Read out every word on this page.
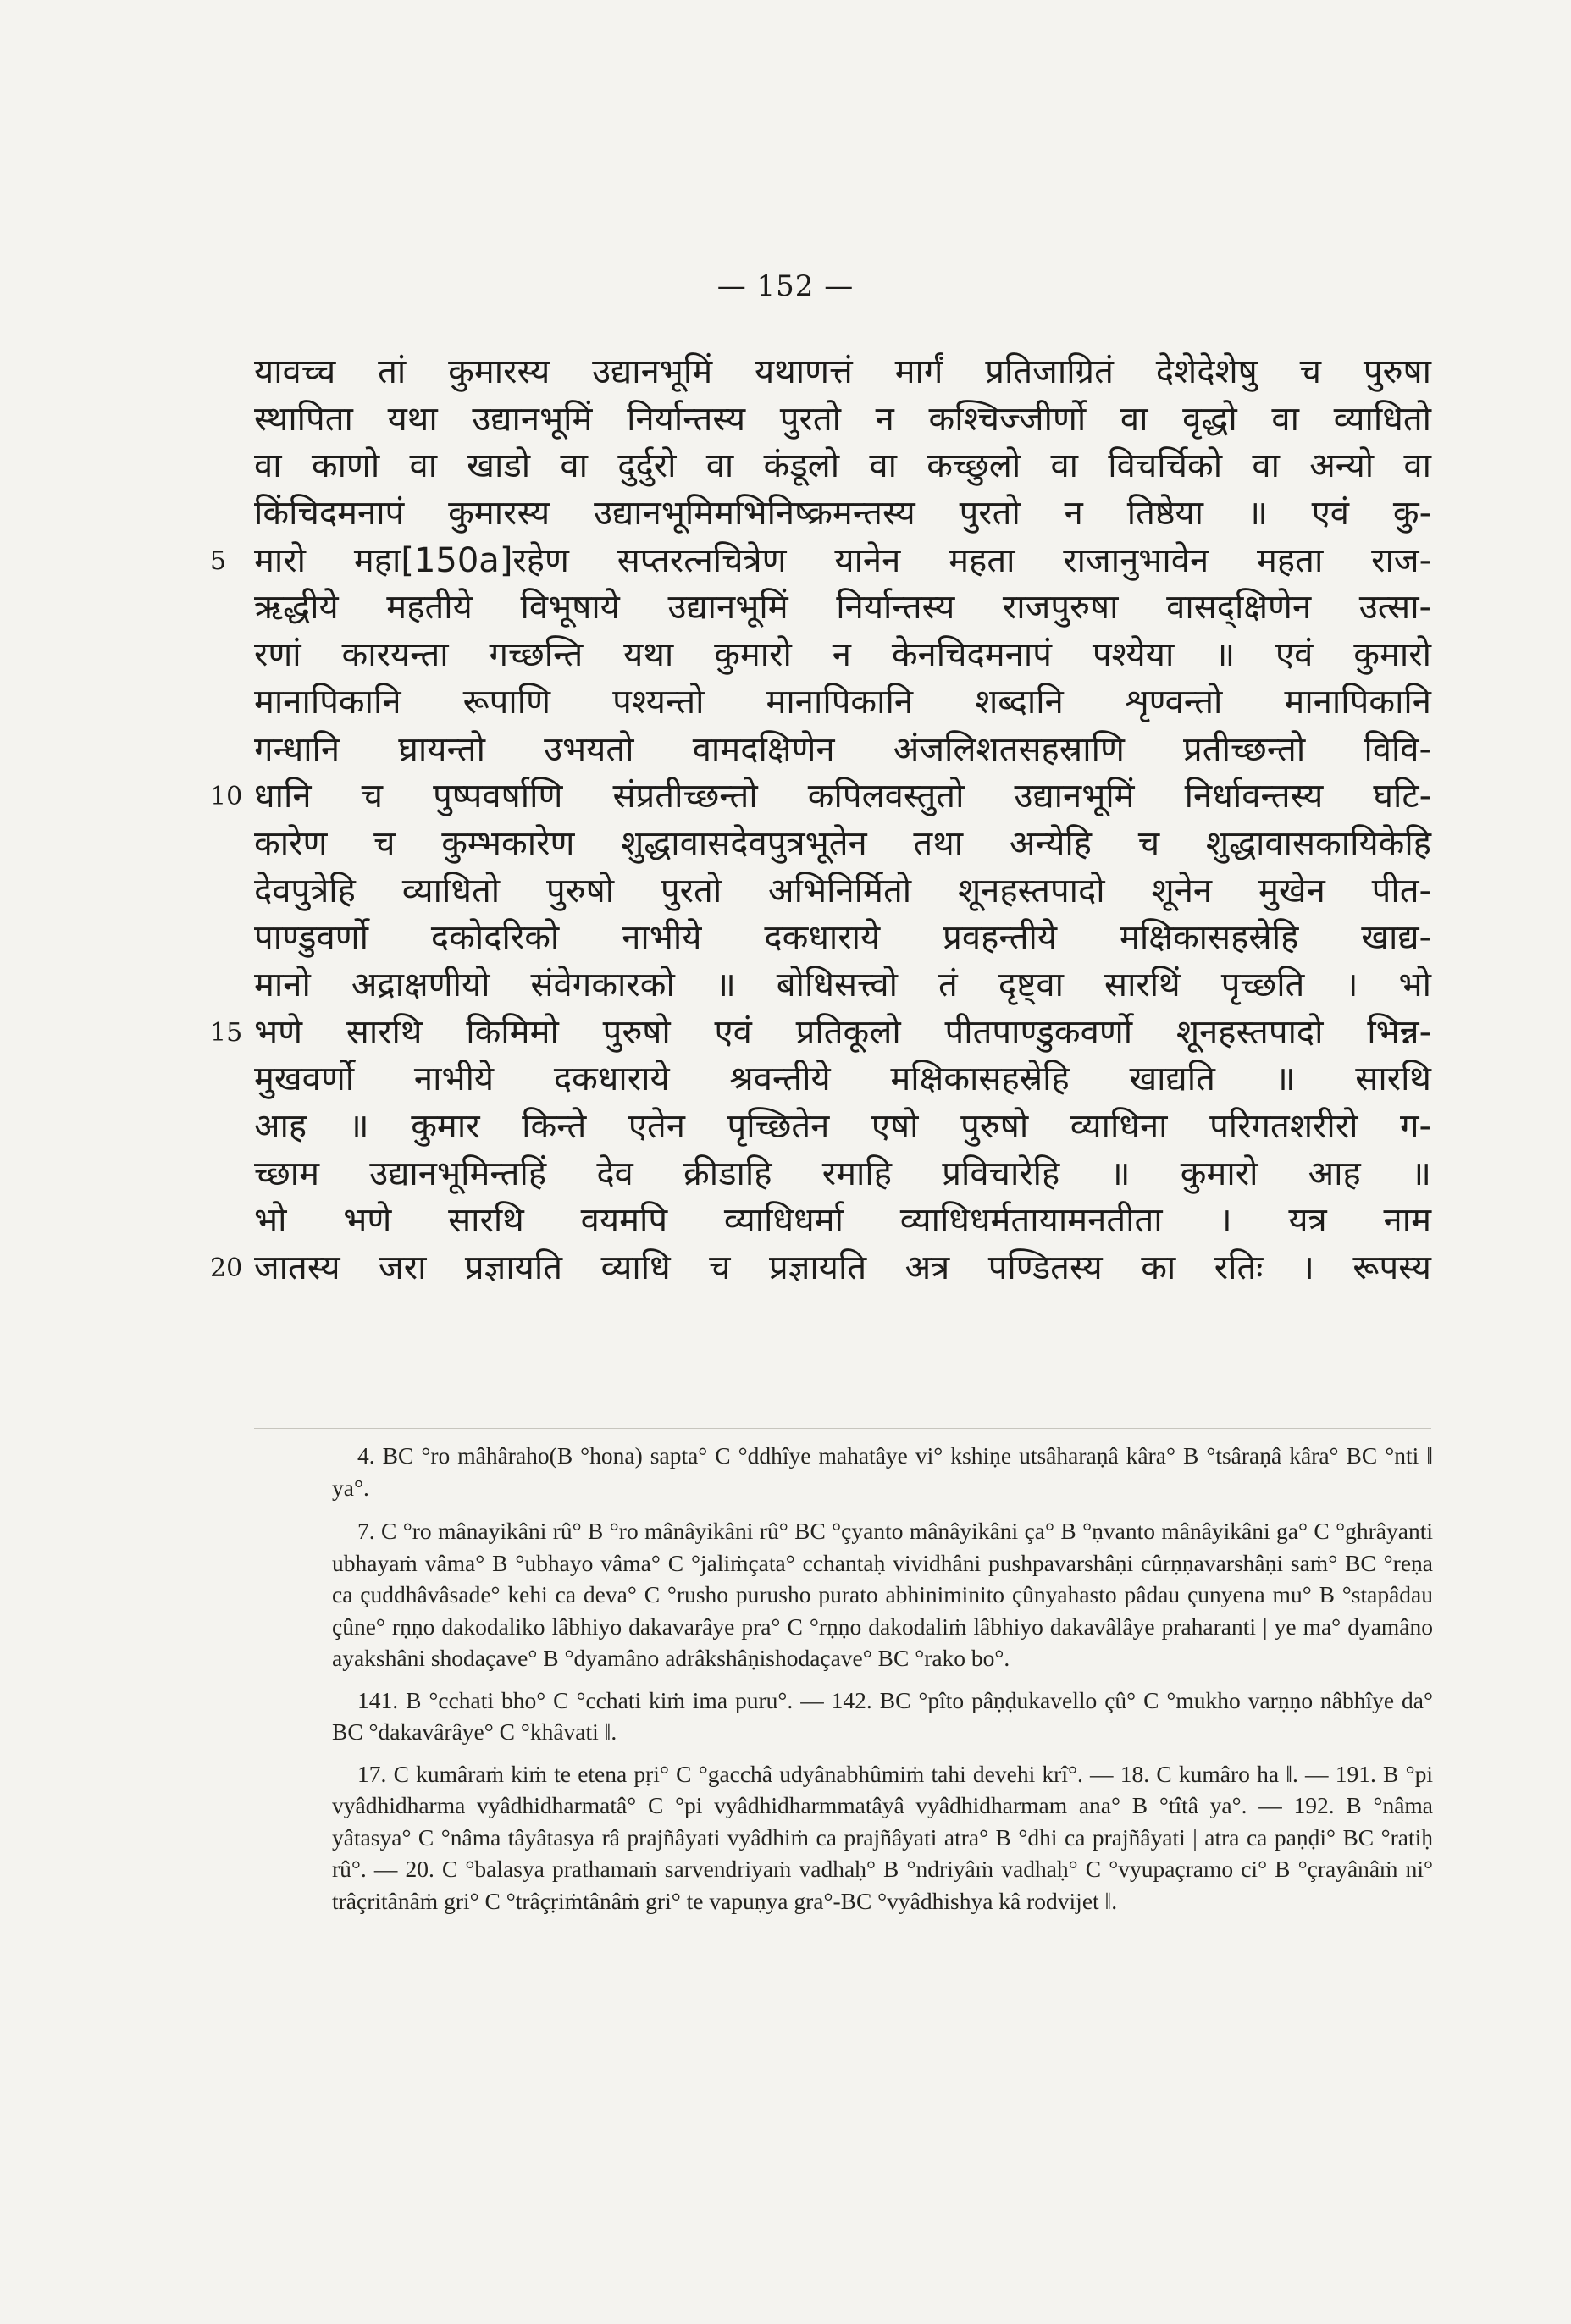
— 152 —
यावच्च तां कुमारस्य उद्यानभूमिं यथाणत्तं मार्गं प्रतिजाग्रितं देशेदेशेषु च पुरुषा
स्थापिता यथा उद्यानभूमिं निर्यान्तस्य पुरतो न कश्चिज्जीर्णो वा वृद्धो वा व्याधितो
वा काणो वा खाडो वा दुर्दुरो वा कंडूलो वा कच्छुलो वा विचर्चिको वा अन्यो वा
किंचिदमनापं कुमारस्य उद्यानभूमिमभिनिष्क्रमन्तस्य पुरतो न तिष्ठेया ॥ एवं कु-
5 मारो महा[150a]रहेण सप्तरत्नचित्रेण यानेन महता राजानुभावेन महता राज-
ऋद्धीये महतीये विभूषाये उद्यानभूमिं निर्यान्तस्य राजपुरुषा वासद्क्षिणेन उत्सा-
रणां कारयन्ता गच्छन्ति यथा कुमारो न केनचिदमनापं पश्येया ॥ एवं कुमारो
मानापिकानि रूपाणि पश्यन्तो मानापिकानि शब्दानि शृण्वन्तो मानापिकानि
गन्धानि घ्रायन्तो उभयतो वामदक्षिणेन अंजलिशतसहस्राणि प्रतीच्छन्तो विवि-
10 धानि च पुष्पवर्षाणि संप्रतीच्छन्तो कपिलवस्तुतो उद्यानभूमिं निर्धावन्तस्य घटि-
कारेण च कुम्भकारेण शुद्धावासदेवपुत्रभूतेन तथा अन्येहि च शुद्धावासकायिकेहि
देवपुत्रेहि व्याधितो पुरुषो पुरतो अभिनिर्मितो शूनहस्तपादो शूनेन मुखेन पीत-
पाण्डुवर्णो दकोदरिको नाभीये दकधाराये प्रवहन्तीये मक्षिकासहस्रेहि खाद्य-
मानो अद्राक्षणीयो संवेगकारको ॥ बोधिसत्त्वो तं दृष्ट्वा सारथिं पृच्छति । भो
15 भणे सारथि किमिमो पुरुषो एवं प्रतिकूलो पीतपाण्डुकवर्णो शूनहस्तपादो भिन्न-
मुखवर्णो नाभीये दकधाराये श्रवन्तीये मक्षिकासहस्रेहि खाद्यति ॥ सारथि
आह ॥ कुमार किन्ते एतेन पृच्छितेन एषो पुरुषो व्याधिना परिगतशरीरो ग-
च्छाम उद्यानभूमिन्तहिं देव क्रीडाहि रमाहि प्रविचारेहि ॥ कुमारो आह ॥
भो भणे सारथि वयमपि व्याधिधर्मा व्याधिधर्मतायामनतीता । यत्र नाम
20 जातस्य जरा प्रज्ञायति व्याधि च प्रज्ञायति अत्र पण्डितस्य का रतिः । रूपस्य

4. BC °ro mâhâraho(B °hona) sapta° C °ddhîye mahatâye vi° kshiṇe utsâharaṇâ kâra° B °tsâraṇâ kâra° BC °nti ‖ ya°.

7. C °ro mânayikâni rû° B °ro mânâyikâni rû° BC °çyanto mânâyikâni ça° B °ṇvanto mânâyikâni ga° C °ghrâyanti ubhayaṁ vâma° B °ubhayo vâma° C °jaliṁçata° cchantaḥ vividhâni pushpavarshâṇi cûrṇṇavarshâṇi saṁ° BC °reṇa ca çuddhâvâsade° kehi ca deva° C °rusho purusho purato abhiniminito çûnyahasto pâdau çunyena mu° B °stapâdau çûne° rṇṇo dakodaliko lâbhiyo dakavarâye pra° C °rṇṇo dakodaliṁ lâbhiyo dakavâlâye praharanti | ye ma° dyamâno ayakshâni shodaçave° B °dyamâno adrâkshâṇishodaçave° BC °rako bo°.

141. B °cchati bho° C °cchati kiṁ ima puru°. — 142. BC °pîto pâṇḍukavello çû° C °mukho varṇṇo nâbhîye da° BC °dakavârâye° C °khâvati ‖.

17. C kumâraṁ kiṁ te etena pṛi° C °gacchâ udyânabhûmiṁ tahi devehi krî°. — 18. C kumâro ha ‖. — 191. B °pi vyâdhidharma vyâdhidharmatâ° C °pi vyâdhidharmmatâyâ vyâdhidharmam ana° B °tîtâ ya°. — 192. B °nâma yâtasya° C °nâma tâyâtasya râ prajñâyati vyâdhiṁ ca prajñâyati atra° B °dhi ca prajñâyati | atra ca paṇḍi° BC °ratiḥ rû°. — 20. C °balasya prathamaṁ sarvendriyaṁ vadhaḥ° B °ndriyâṁ vadhaḥ° C °vyupaçramo ci° B °çrayânâṁ ni° trâçritânâṁ gri° C °trâçṛiṁtânâṁ gri° te vapuṇya gra°-BC °vyâdhishya kâ rodvijet ‖.
